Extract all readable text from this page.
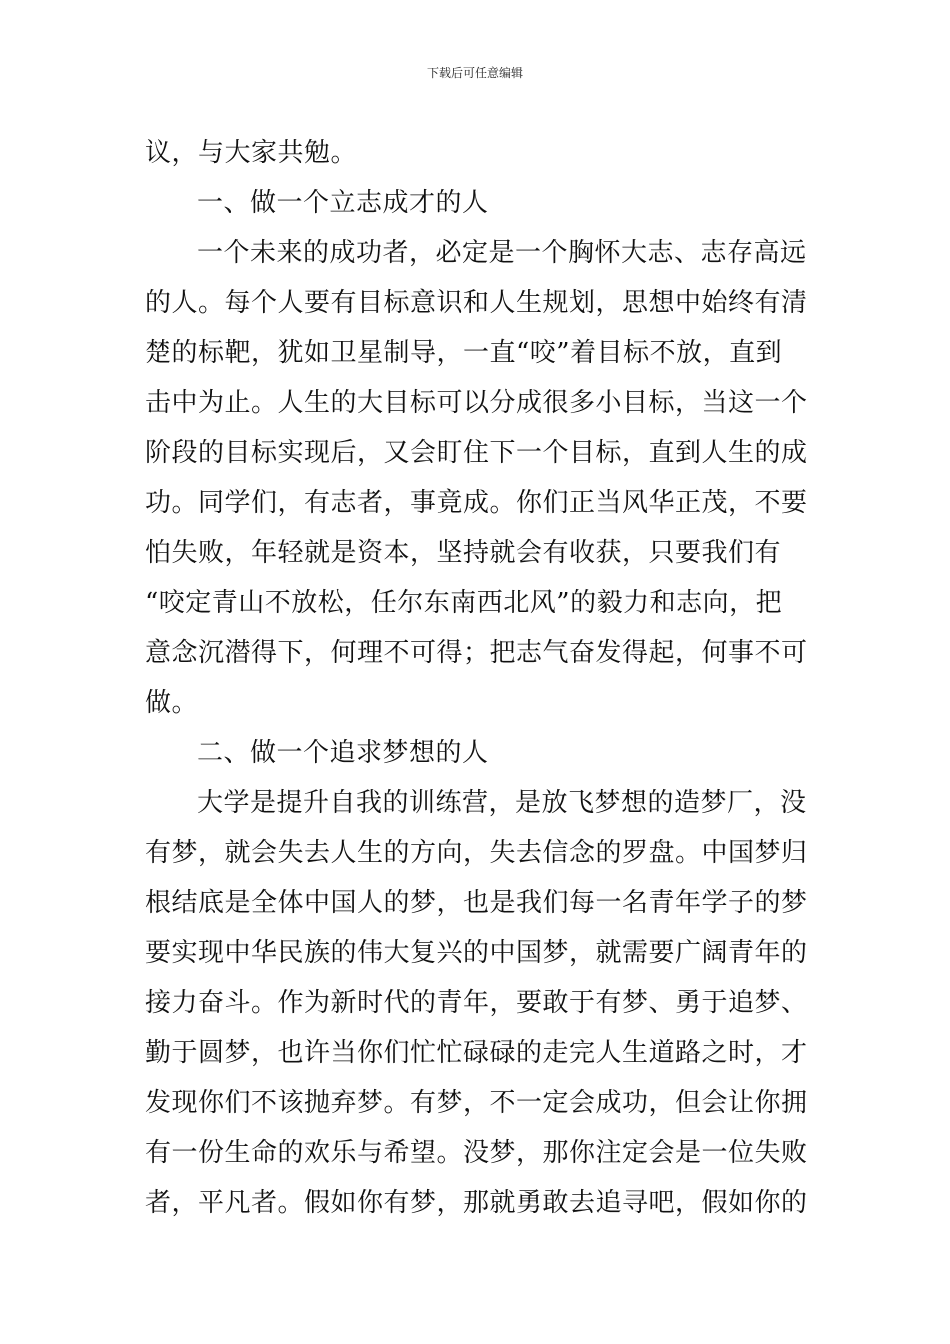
下载后可任意编辑
议，与大家共勉。
一、做一个立志成才的人
一个未来的成功者，必定是一个胸怀大志、志存高远
的人。每个人要有目标意识和人生规划，思想中始终有清
楚的标靶，犹如卫星制导，一直“咬”着目标不放，直到
击中为止。人生的大目标可以分成很多小目标，当这一个
阶段的目标实现后，又会盯住下一个目标，直到人生的成
功。同学们，有志者，事竟成。你们正当风华正茂，不要
怕失败，年轻就是资本，坚持就会有收获，只要我们有
“咬定青山不放松，任尔东南西北风”的毅力和志向，把
意念沉潜得下，何理不可得；把志气奋发得起，何事不可
做。
二、做一个追求梦想的人
大学是提升自我的训练营，是放飞梦想的造梦厂，没
有梦，就会失去人生的方向，失去信念的罗盘。中国梦归
根结底是全体中国人的梦，也是我们每一名青年学子的梦
要实现中华民族的伟大复兴的中国梦，就需要广阔青年的
接力奋斗。作为新时代的青年，要敢于有梦、勇于追梦、
勤于圆梦，也许当你们忙忙碌碌的走完人生道路之时，才
发现你们不该抛弃梦。有梦，不一定会成功，但会让你拥
有一份生命的欢乐与希望。没梦，那你注定会是一位失败
者，平凡者。假如你有梦，那就勇敢去追寻吧，假如你的
